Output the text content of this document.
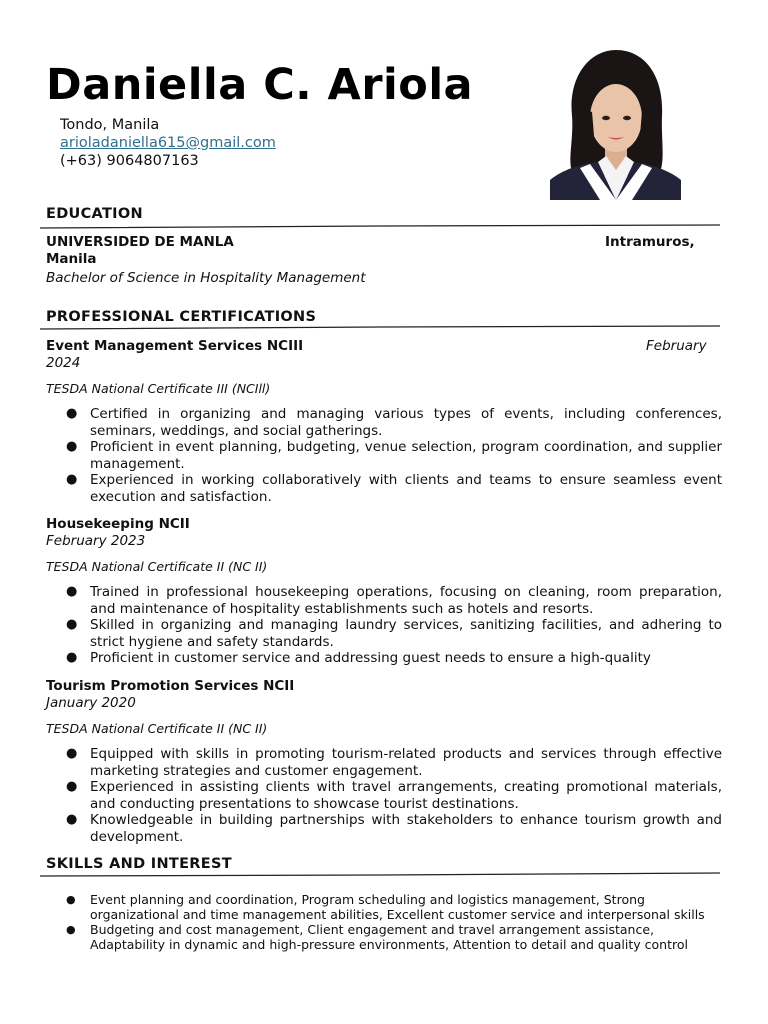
Daniella C. Ariola
Tondo, Manila
arioladaniella615@gmail.com
(+63) 9064807163
EDUCATION
UNIVERSIDED DE MANLA	Intramuros,
Manila
Bachelor of Science in Hospitality Management
PROFESSIONAL CERTIFICATIONS
Event Management Services NCIII	February
2024
TESDA National Certificate III (NCIll)
● Certified in organizing and managing various types of events, including conferences, seminars, weddings, and social gatherings.
● Proficient in event planning, budgeting, venue selection, program coordination, and supplier management.
● Experienced in working collaboratively with clients and teams to ensure seamless event execution and satisfaction.
Housekeeping NCII
February 2023
TESDA National Certificate II (NC II)
● Trained in professional housekeeping operations, focusing on cleaning, room preparation, and maintenance of hospitality establishments such as hotels and resorts.
● Skilled in organizing and managing laundry services, sanitizing facilities, and adhering to strict hygiene and safety standards.
● Proficient in customer service and addressing guest needs to ensure a high-quality
Tourism Promotion Services NCII
January 2020
TESDA National Certificate II (NC II)
● Equipped with skills in promoting tourism-related products and services through effective marketing strategies and customer engagement.
● Experienced in assisting clients with travel arrangements, creating promotional materials, and conducting presentations to showcase tourist destinations.
● Knowledgeable in building partnerships with stakeholders to enhance tourism growth and development.
SKILLS AND INTEREST
● Event planning and coordination, Program scheduling and logistics management, Strong organizational and time management abilities, Excellent customer service and interpersonal skills
● Budgeting and cost management, Client engagement and travel arrangement assistance, Adaptability in dynamic and high-pressure environments, Attention to detail and quality control
